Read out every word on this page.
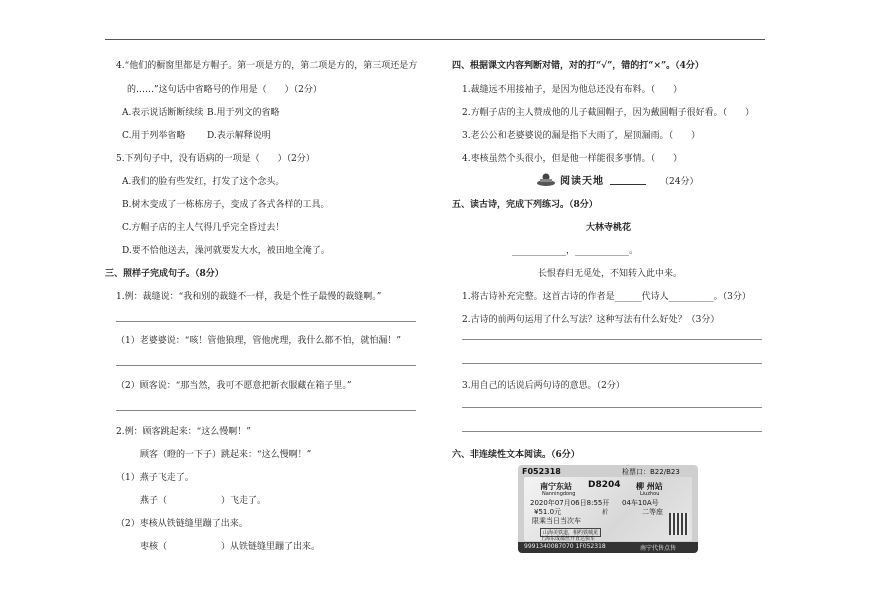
4.“他们的橱窗里都是方帽子。第一项是方的，第二项是方的，第三项还是方
的……”这句话中省略号的作用是（　　）（2分）
A.表示说话断断续续 B.用于列文的省略
C.用于列举省略 D.表示解释说明
5.下列句子中，没有语病的一项是（　　）（2分）
A.我们的脸有些发红，打发了这个念头。
B.树木变成了一栋栋房子，变成了各式各样的工具。
C.方帽子店的主人气得几乎完全昏过去！
D.要不恰他送去，澡河就要发大水，被田地全淹了。
三、照样子完成句子。（8分）
1.例：裁缝说：“我和别的裁缝不一样，我是个性子最慢的裁缝啊。”
（1）老婆婆说：“咳！管他狼理，管他虎理，我什么都不怕，就怕漏！”
（2）顾客说：“那当然，我可不愿意把新衣服藏在箱子里。”
2.例：顾客跳起来：“这么慢啊！”
顾客（瞪的一下子）跳起来：“这么慢啊！”
（1）燕子飞走了。
燕子（　　　　　　）飞走了。
（2）枣核从铁链缝里蹦了出来。
枣核（　　　　　　）从铁链缝里蹦了出来。
四、根据课文内容判断对错，对的打“√”，错的打“×”。（4分）
1.裁缝远不用接袖子，是因为他总还没有布料。（　　）
2.方帽子店的主人赞成他的儿子截圆帽子，因为戴圆帽子很好看。（　　）
3.老公公和老婆婆说的漏是指下大雨了，屋顶漏雨。（　　）
4.枣核虽然个头很小，但是他一样能很多事情。（　　）
阅读天地	（24分）
五、读古诗，完成下列练习。（8分）
大林寺桃花
____________，____________。
长恨春归无觅处，不知转入此中来。
1.将古诗补充完整。这首古诗的作者是______代诗人__________。（3分）
2.古诗的前两句运用了什么写法？这种写法有什么好处？（3分）
3.用自己的话说后两句诗的意思。（2分）
六、非连续性文本阅读。（6分）
F052318	检票口：B22/B23
南宁东站 D8204 柳 州站
Nanningdong	Liuzhou
2020年07月06日8:55开 04车10A号
¥51.0元	折	二等座
限乘当日当次车
山海美铁道，相约铁城见
上海东成都丝开直达快车
9991340087070 1F052318	南宁代售点售
